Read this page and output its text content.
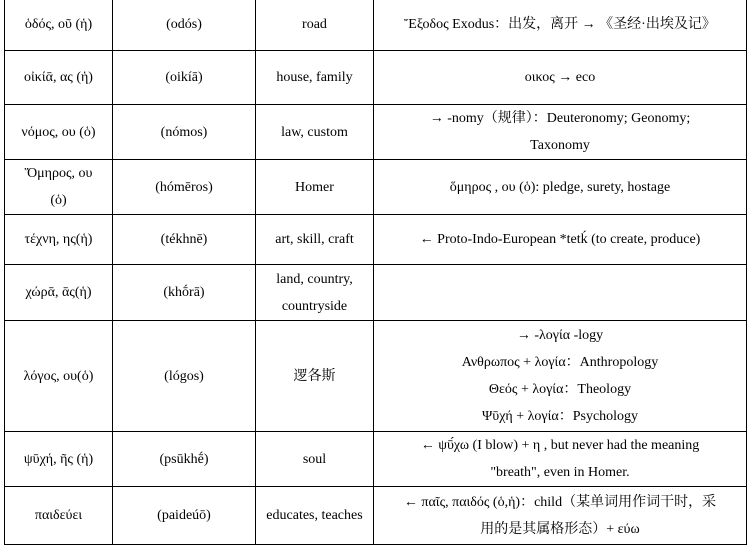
ὁδός, οῦ (ἡ)	(odós)	road	Ἔξοδος Exodus：出发，离开 → 《圣经·出埃及记》

οἰκίᾱ, ας (ἡ)	(oikíā)	house, family	οικος → eco

νόμος, ου (ὁ)	(nómos)	law, custom	→ -nomy（规律）：Deuteronomy; Geonomy;
Taxonomy

Ὅμηρος, ου
(ὁ)	(hómēros)	Homer	ὅμηρος , ου (ὁ): pledge, surety, hostage

τέχνη, ης(ἡ)	(tékhnē)	art, skill, craft	← Proto-Indo-European *tetḱ (to create, produce)

χώρᾱ, ᾱς(ἡ)	(khṓrā)	land, country,
countryside	

λόγος, ου(ὁ)	(lógos)	逻各斯	→ -λογία -logy
Ανθρωπος + λογία：Anthropology
Θεός + λογία：Theology
Ψῡχή + λογία：Psychology

ψῡχή, ῆς (ἡ)	(psūkhḗ)	soul	← ψῡ́χω (I blow) + η , but never had the meaning
"breath", even in Homer.

παιδεύει	(paideúō)	educates, teaches	← παῖς, παιδός (ὁ,ἡ)：child（某单词用作词干时，采
用的是其属格形态）+ εύω
